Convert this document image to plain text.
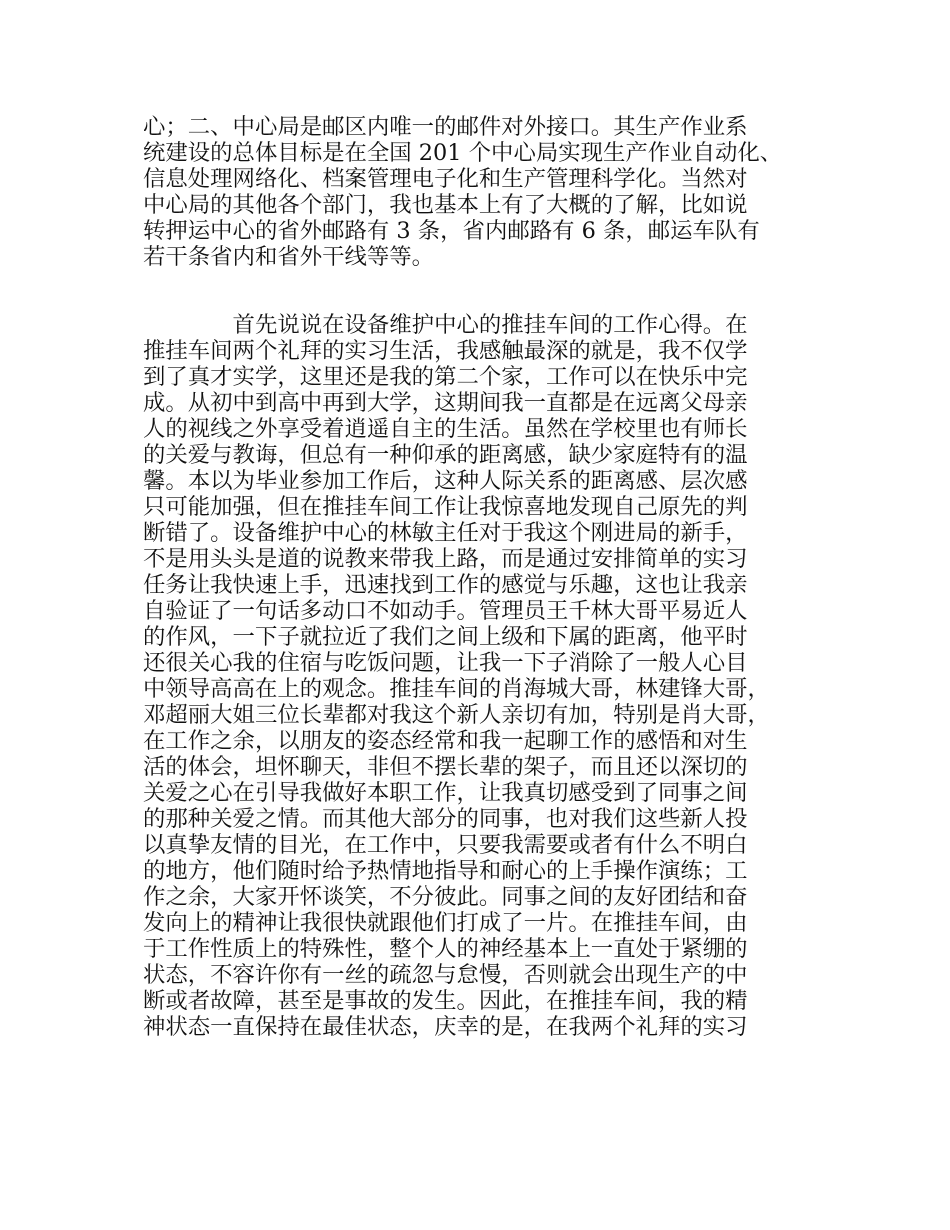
心；二、中心局是邮区内唯一的邮件对外接口。其生产作业系
统建设的总体目标是在全国 201 个中心局实现生产作业自动化、
信息处理网络化、档案管理电子化和生产管理科学化。当然对
中心局的其他各个部门，我也基本上有了大概的了解，比如说
转押运中心的省外邮路有 3 条，省内邮路有 6 条，邮运车队有
若干条省内和省外干线等等。
　　　　首先说说在设备维护中心的推挂车间的工作心得。在
推挂车间两个礼拜的实习生活，我感触最深的就是，我不仅学
到了真才实学，这里还是我的第二个家，工作可以在快乐中完
成。从初中到高中再到大学，这期间我一直都是在远离父母亲
人的视线之外享受着逍遥自主的生活。虽然在学校里也有师长
的关爱与教诲，但总有一种仰承的距离感，缺少家庭特有的温
馨。本以为毕业参加工作后，这种人际关系的距离感、层次感
只可能加强，但在推挂车间工作让我惊喜地发现自己原先的判
断错了。设备维护中心的林敏主任对于我这个刚进局的新手，
不是用头头是道的说教来带我上路，而是通过安排简单的实习
任务让我快速上手，迅速找到工作的感觉与乐趣，这也让我亲
自验证了一句话多动口不如动手。管理员王千林大哥平易近人
的作风，一下子就拉近了我们之间上级和下属的距离，他平时
还很关心我的住宿与吃饭问题，让我一下子消除了一般人心目
中领导高高在上的观念。推挂车间的肖海城大哥，林建锋大哥，
邓超丽大姐三位长辈都对我这个新人亲切有加，特别是肖大哥，
在工作之余，以朋友的姿态经常和我一起聊工作的感悟和对生
活的体会，坦怀聊天，非但不摆长辈的架子，而且还以深切的
关爱之心在引导我做好本职工作，让我真切感受到了同事之间
的那种关爱之情。而其他大部分的同事，也对我们这些新人投
以真挚友情的目光，在工作中，只要我需要或者有什么不明白
的地方，他们随时给予热情地指导和耐心的上手操作演练；工
作之余，大家开怀谈笑，不分彼此。同事之间的友好团结和奋
发向上的精神让我很快就跟他们打成了一片。在推挂车间，由
于工作性质上的特殊性，整个人的神经基本上一直处于紧绷的
状态，不容许你有一丝的疏忽与怠慢，否则就会出现生产的中
断或者故障，甚至是事故的发生。因此，在推挂车间，我的精
神状态一直保持在最佳状态，庆幸的是，在我两个礼拜的实习
